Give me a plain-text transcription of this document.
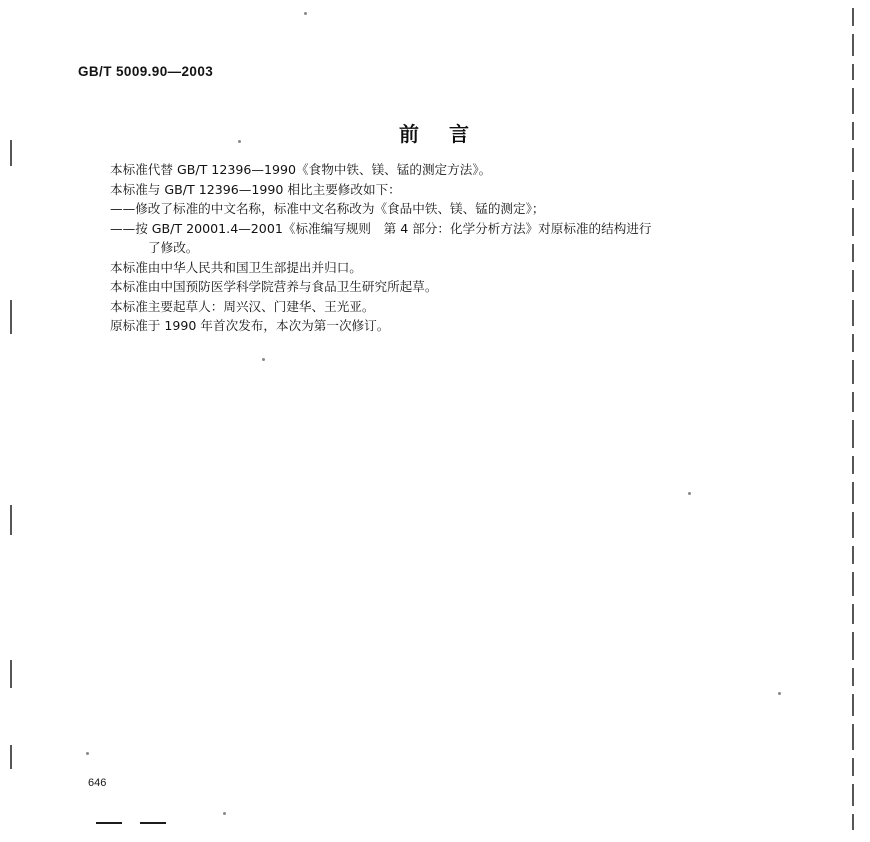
GB/T 5009.90—2003
前 言

本标准代替 GB/T 12396—1990《食物中铁、镁、锰的测定方法》。

本标准与 GB/T 12396—1990 相比主要修改如下：

——修改了标准的中文名称，标准中文名称改为《食品中铁、镁、锰的测定》；

——按 GB/T 20001.4—2001《标准编写规则　第 4 部分：化学分析方法》对原标准的结构进行

了修改。

本标准由中华人民共和国卫生部提出并归口。

本标准由中国预防医学科学院营养与食品卫生研究所起草。

本标准主要起草人：周兴汉、门建华、王光亚。

原标准于 1990 年首次发布，本次为第一次修订。

646
